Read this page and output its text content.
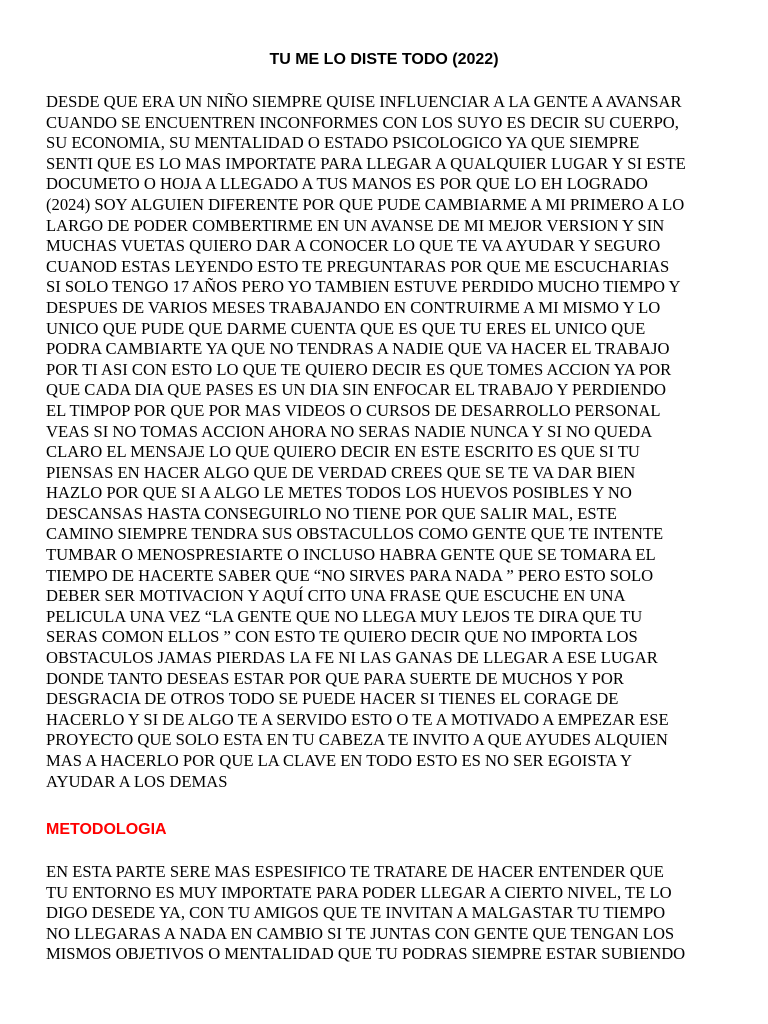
TU ME LO DISTE TODO (2022)

DESDE QUE ERA UN NIÑO SIEMPRE QUISE INFLUENCIAR A LA GENTE A AVANSAR
CUANDO SE ENCUENTREN INCONFORMES CON LOS SUYO ES DECIR SU CUERPO,
SU ECONOMIA, SU MENTALIDAD O ESTADO PSICOLOGICO YA QUE SIEMPRE
SENTI QUE ES LO MAS IMPORTATE PARA LLEGAR A QUALQUIER LUGAR Y SI ESTE
DOCUMETO O HOJA A LLEGADO A TUS MANOS ES POR QUE LO EH LOGRADO
(2024) SOY ALGUIEN DIFERENTE POR QUE PUDE CAMBIARME A MI PRIMERO A LO
LARGO DE PODER COMBERTIRME EN UN AVANSE DE MI MEJOR VERSION Y SIN
MUCHAS VUETAS QUIERO DAR A CONOCER LO QUE TE VA AYUDAR Y SEGURO
CUANOD ESTAS LEYENDO ESTO TE PREGUNTARAS POR QUE ME ESCUCHARIAS
SI SOLO TENGO 17 AÑOS PERO YO TAMBIEN ESTUVE PERDIDO MUCHO TIEMPO Y
DESPUES DE VARIOS MESES TRABAJANDO EN CONTRUIRME A MI MISMO Y LO
UNICO QUE PUDE QUE DARME CUENTA QUE ES QUE TU ERES EL UNICO QUE
PODRA CAMBIARTE YA QUE NO TENDRAS A NADIE QUE VA HACER EL TRABAJO
POR TI ASI CON ESTO LO QUE TE QUIERO DECIR ES QUE TOMES ACCION YA POR
QUE CADA DIA QUE PASES ES UN DIA SIN ENFOCAR EL TRABAJO Y PERDIENDO
EL TIMPOP POR QUE POR MAS VIDEOS O CURSOS DE DESARROLLO PERSONAL
VEAS SI NO TOMAS ACCION AHORA NO SERAS NADIE NUNCA Y SI NO QUEDA
CLARO EL MENSAJE LO QUE QUIERO DECIR EN ESTE ESCRITO ES QUE SI TU
PIENSAS EN HACER ALGO QUE DE VERDAD CREES QUE SE TE VA DAR BIEN
HAZLO POR QUE SI A ALGO LE METES TODOS LOS HUEVOS POSIBLES Y NO
DESCANSAS HASTA CONSEGUIRLO NO TIENE POR QUE SALIR MAL, ESTE
CAMINO SIEMPRE TENDRA SUS OBSTACULLOS COMO GENTE QUE TE INTENTE
TUMBAR O MENOSPRESIARTE O INCLUSO HABRA GENTE QUE SE TOMARA EL
TIEMPO DE HACERTE SABER QUE “NO SIRVES PARA NADA ” PERO ESTO SOLO
DEBER SER MOTIVACION Y AQUÍ CITO UNA FRASE QUE ESCUCHE EN UNA
PELICULA UNA VEZ “LA GENTE QUE NO LLEGA MUY LEJOS TE DIRA QUE TU
SERAS COMON ELLOS ” CON ESTO TE QUIERO DECIR QUE NO IMPORTA LOS
OBSTACULOS JAMAS PIERDAS LA FE NI LAS GANAS DE LLEGAR A ESE LUGAR
DONDE TANTO DESEAS ESTAR POR QUE PARA SUERTE DE MUCHOS Y POR
DESGRACIA DE OTROS TODO SE PUEDE HACER SI TIENES EL CORAGE DE
HACERLO Y SI DE ALGO TE A SERVIDO ESTO O TE A MOTIVADO A EMPEZAR ESE
PROYECTO QUE SOLO ESTA EN TU CABEZA TE INVITO A QUE AYUDES ALQUIEN
MAS A HACERLO POR QUE LA CLAVE EN TODO ESTO ES NO SER EGOISTA Y
AYUDAR A LOS DEMAS

METODOLOGIA

EN ESTA PARTE SERE MAS ESPESIFICO TE TRATARE DE HACER ENTENDER QUE
TU ENTORNO ES MUY IMPORTATE PARA PODER LLEGAR A CIERTO NIVEL, TE LO
DIGO DESEDE YA, CON TU AMIGOS QUE TE INVITAN A MALGASTAR TU TIEMPO
NO LLEGARAS A NADA EN CAMBIO SI TE JUNTAS CON GENTE QUE TENGAN LOS
MISMOS OBJETIVOS O MENTALIDAD QUE TU PODRAS SIEMPRE ESTAR SUBIENDO
